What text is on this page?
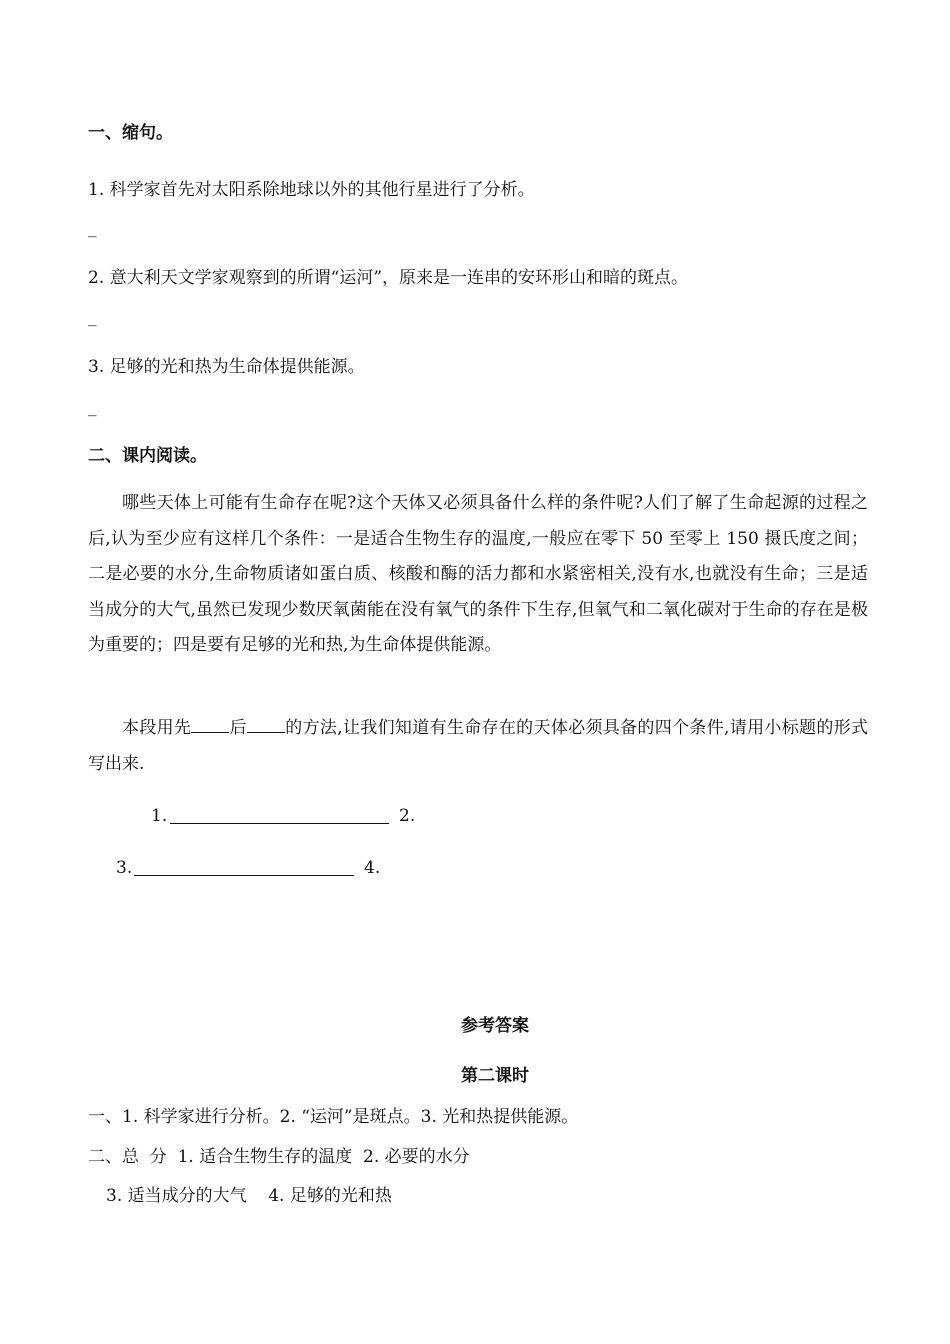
一、缩句。
1. 科学家首先对太阳系除地球以外的其他行星进行了分析。
_
2. 意大利天文学家观察到的所谓“运河”，原来是一连串的安环形山和暗的斑点。
_
3. 足够的光和热为生命体提供能源。
_
二、课内阅读。
哪些天体上可能有生命存在呢?这个天体又必须具备什么样的条件呢?人们了解了生命起源的过程之后,认为至少应有这样几个条件：一是适合生物生存的温度,一般应在零下 50 至零上 150 摄氏度之间；二是必要的水分,生命物质诸如蛋白质、核酸和酶的活力都和水紧密相关,没有水,也就没有生命；三是适当成分的大气,虽然已发现少数厌氧菌能在没有氧气的条件下生存,但氧气和二氧化碳对于生命的存在是极为重要的；四是要有足够的光和热,为生命体提供能源。
本段用先 后 的方法,让我们知道有生命存在的天体必须具备的四个条件,请用小标题的形式写出来.
1.	2.
3.	4.
参考答案
第二课时
一、1. 科学家进行分析。2. “运河”是斑点。3. 光和热提供能源。
二、总  分  1. 适合生物生存的温度  2. 必要的水分
3. 适当成分的大气    4. 足够的光和热
